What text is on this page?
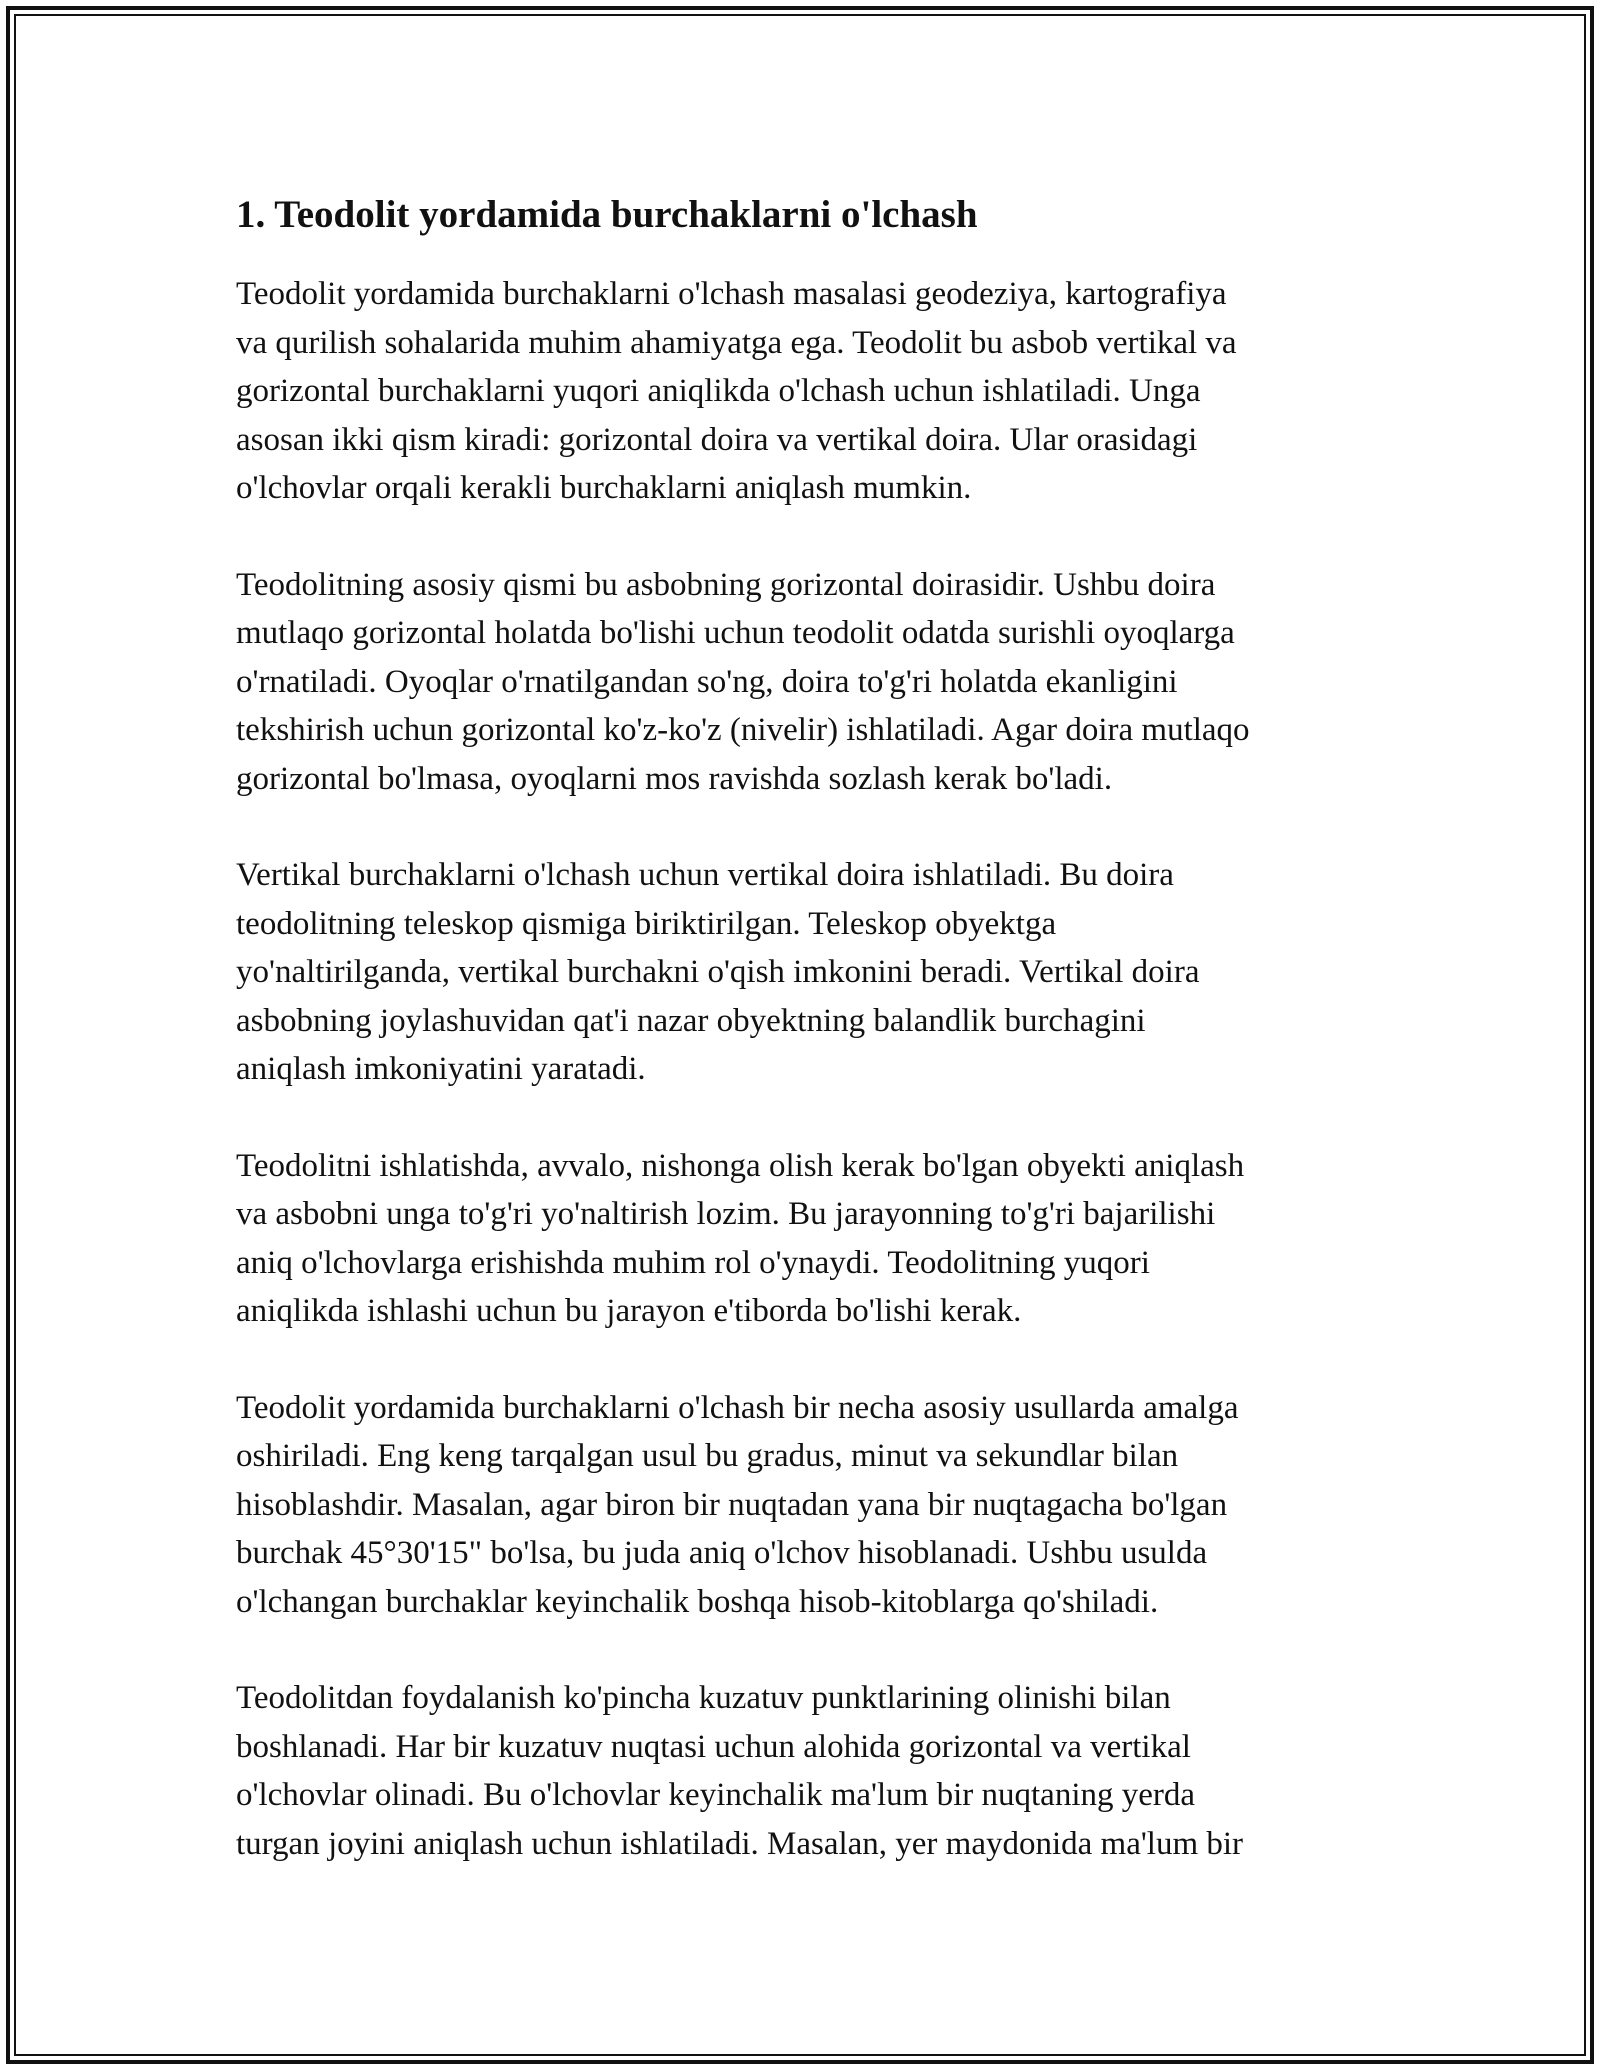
1. Teodolit yordamida burchaklarni o'lchash

Teodolit yordamida burchaklarni o'lchash masalasi geodeziya, kartografiya
va qurilish sohalarida muhim ahamiyatga ega. Teodolit bu asbob vertikal va
gorizontal burchaklarni yuqori aniqlikda o'lchash uchun ishlatiladi. Unga
asosan ikki qism kiradi: gorizontal doira va vertikal doira. Ular orasidagi
o'lchovlar orqali kerakli burchaklarni aniqlash mumkin.

Teodolitning asosiy qismi bu asbobning gorizontal doirasidir. Ushbu doira
mutlaqo gorizontal holatda bo'lishi uchun teodolit odatda surishli oyoqlarga
o'rnatiladi. Oyoqlar o'rnatilgandan so'ng, doira to'g'ri holatda ekanligini
tekshirish uchun gorizontal ko'z-ko'z (nivelir) ishlatiladi. Agar doira mutlaqo
gorizontal bo'lmasa, oyoqlarni mos ravishda sozlash kerak bo'ladi.

Vertikal burchaklarni o'lchash uchun vertikal doira ishlatiladi. Bu doira
teodolitning teleskop qismiga biriktirilgan. Teleskop obyektga
yo'naltirilganda, vertikal burchakni o'qish imkonini beradi. Vertikal doira
asbobning joylashuvidan qat'i nazar obyektning balandlik burchagini
aniqlash imkoniyatini yaratadi.

Teodolitni ishlatishda, avvalo, nishonga olish kerak bo'lgan obyekti aniqlash
va asbobni unga to'g'ri yo'naltirish lozim. Bu jarayonning to'g'ri bajarilishi
aniq o'lchovlarga erishishda muhim rol o'ynaydi. Teodolitning yuqori
aniqlikda ishlashi uchun bu jarayon e'tiborda bo'lishi kerak.

Teodolit yordamida burchaklarni o'lchash bir necha asosiy usullarda amalga
oshiriladi. Eng keng tarqalgan usul bu gradus, minut va sekundlar bilan
hisoblashdir. Masalan, agar biron bir nuqtadan yana bir nuqtagacha bo'lgan
burchak 45°30'15" bo'lsa, bu juda aniq o'lchov hisoblanadi. Ushbu usulda
o'lchangan burchaklar keyinchalik boshqa hisob-kitoblarga qo'shiladi.

Teodolitdan foydalanish ko'pincha kuzatuv punktlarining olinishi bilan
boshlanadi. Har bir kuzatuv nuqtasi uchun alohida gorizontal va vertikal
o'lchovlar olinadi. Bu o'lchovlar keyinchalik ma'lum bir nuqtaning yerda
turgan joyini aniqlash uchun ishlatiladi. Masalan, yer maydonida ma'lum bir
